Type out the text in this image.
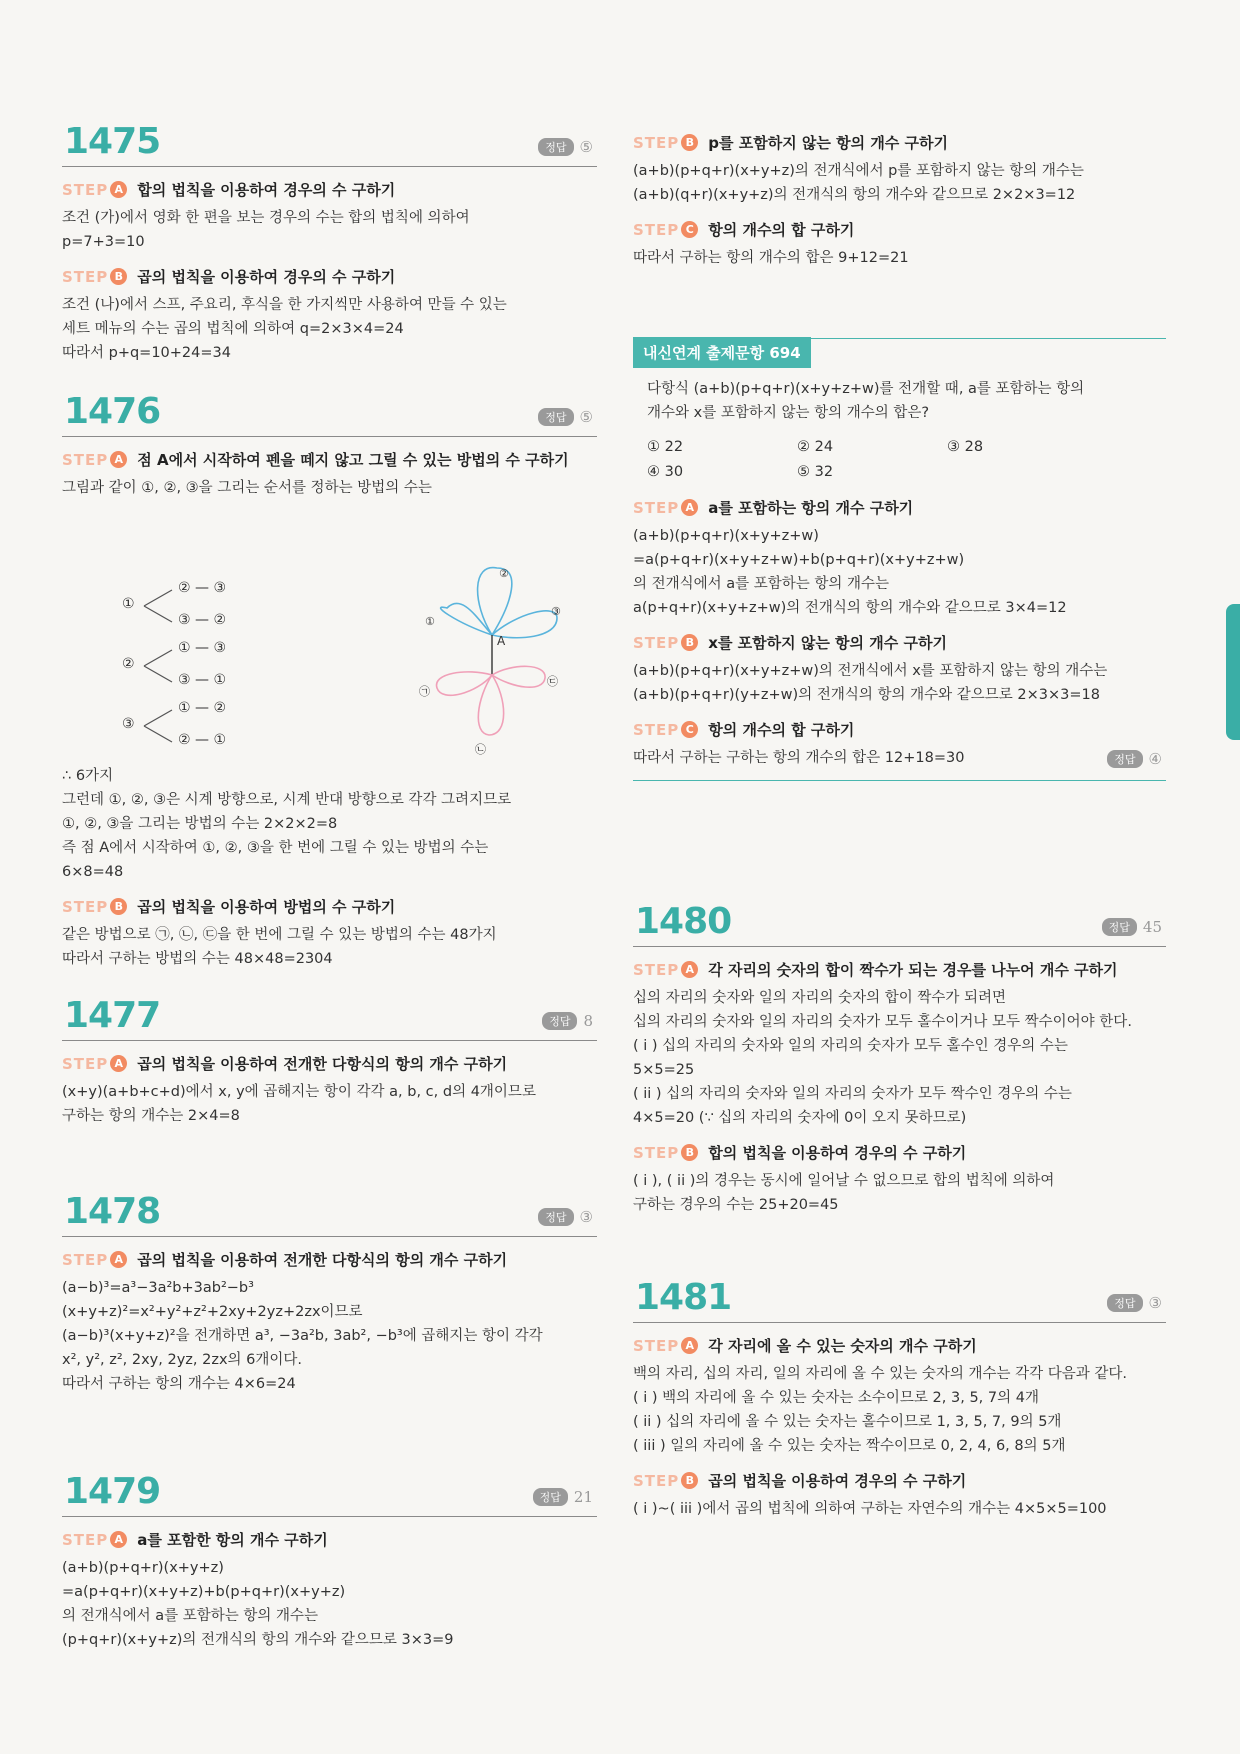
1475	정답 ⑤
STEP A 합의 법칙을 이용하여 경우의 수 구하기
조건 (가)에서 영화 한 편을 보는 경우의 수는 합의 법칙에 의하여
p=7+3=10
STEP B 곱의 법칙을 이용하여 경우의 수 구하기
조건 (나)에서 스프, 주요리, 후식을 한 가지씩만 사용하여 만들 수 있는
세트 메뉴의 수는 곱의 법칙에 의하여 q=2×3×4=24
따라서 p+q=10+24=34
1476	정답 ⑤
STEP A 점 A에서 시작하여 펜을 떼지 않고 그릴 수 있는 방법의 수 구하기
그림과 같이 ①, ②, ③을 그리는 순서를 정하는 방법의 수는
①
②
③
② — ③
③ — ②
① — ③
③ — ①
① — ②
② — ①
A
①
②
③
㉠
㉡
㉢
∴ 6가지
그런데 ①, ②, ③은 시계 방향으로, 시계 반대 방향으로 각각 그려지므로
①, ②, ③을 그리는 방법의 수는 2×2×2=8
즉 점 A에서 시작하여 ①, ②, ③을 한 번에 그릴 수 있는 방법의 수는
6×8=48
STEP B 곱의 법칙을 이용하여 방법의 수 구하기
같은 방법으로 ㉠, ㉡, ㉢을 한 번에 그릴 수 있는 방법의 수는 48가지
따라서 구하는 방법의 수는 48×48=2304
1477	정답 8
STEP A 곱의 법칙을 이용하여 전개한 다항식의 항의 개수 구하기
(x+y)(a+b+c+d)에서 x, y에 곱해지는 항이 각각 a, b, c, d의 4개이므로
구하는 항의 개수는 2×4=8
1478	정답 ③
STEP A 곱의 법칙을 이용하여 전개한 다항식의 항의 개수 구하기
(a−b)³=a³−3a²b+3ab²−b³
(x+y+z)²=x²+y²+z²+2xy+2yz+2zx이므로
(a−b)³(x+y+z)²을 전개하면 a³, −3a²b, 3ab², −b³에 곱해지는 항이 각각
x², y², z², 2xy, 2yz, 2zx의 6개이다.
따라서 구하는 항의 개수는 4×6=24
1479	정답 21
STEP A a를 포함한 항의 개수 구하기
(a+b)(p+q+r)(x+y+z)
=a(p+q+r)(x+y+z)+b(p+q+r)(x+y+z)
의 전개식에서 a를 포함하는 항의 개수는
(p+q+r)(x+y+z)의 전개식의 항의 개수와 같으므로 3×3=9
STEP B p를 포함하지 않는 항의 개수 구하기
(a+b)(p+q+r)(x+y+z)의 전개식에서 p를 포함하지 않는 항의 개수는
(a+b)(q+r)(x+y+z)의 전개식의 항의 개수와 같으므로 2×2×3=12
STEP C 항의 개수의 합 구하기
따라서 구하는 항의 개수의 합은 9+12=21
내신연계 출제문항 694
다항식 (a+b)(p+q+r)(x+y+z+w)를 전개할 때, a를 포함하는 항의
개수와 x를 포함하지 않는 항의 개수의 합은?
① 22	② 24	③ 28
④ 30	⑤ 32
STEP A a를 포함하는 항의 개수 구하기
(a+b)(p+q+r)(x+y+z+w)
=a(p+q+r)(x+y+z+w)+b(p+q+r)(x+y+z+w)
의 전개식에서 a를 포함하는 항의 개수는
a(p+q+r)(x+y+z+w)의 전개식의 항의 개수와 같으므로 3×4=12
STEP B x를 포함하지 않는 항의 개수 구하기
(a+b)(p+q+r)(x+y+z+w)의 전개식에서 x를 포함하지 않는 항의 개수는
(a+b)(p+q+r)(y+z+w)의 전개식의 항의 개수와 같으므로 2×3×3=18
STEP C 항의 개수의 합 구하기
따라서 구하는 구하는 항의 개수의 합은 12+18=30	정답 ④
1480	정답 45
STEP A 각 자리의 숫자의 합이 짝수가 되는 경우를 나누어 개수 구하기
십의 자리의 숫자와 일의 자리의 숫자의 합이 짝수가 되려면
십의 자리의 숫자와 일의 자리의 숫자가 모두 홀수이거나 모두 짝수이어야 한다.
( i ) 십의 자리의 숫자와 일의 자리의 숫자가 모두 홀수인 경우의 수는
5×5=25
( ii ) 십의 자리의 숫자와 일의 자리의 숫자가 모두 짝수인 경우의 수는
4×5=20 (∵ 십의 자리의 숫자에 0이 오지 못하므로)
STEP B 합의 법칙을 이용하여 경우의 수 구하기
( i ), ( ii )의 경우는 동시에 일어날 수 없으므로 합의 법칙에 의하여
구하는 경우의 수는 25+20=45
1481	정답 ③
STEP A 각 자리에 올 수 있는 숫자의 개수 구하기
백의 자리, 십의 자리, 일의 자리에 올 수 있는 숫자의 개수는 각각 다음과 같다.
( i ) 백의 자리에 올 수 있는 숫자는 소수이므로 2, 3, 5, 7의 4개
( ii ) 십의 자리에 올 수 있는 숫자는 홀수이므로 1, 3, 5, 7, 9의 5개
( iii ) 일의 자리에 올 수 있는 숫자는 짝수이므로 0, 2, 4, 6, 8의 5개
STEP B 곱의 법칙을 이용하여 경우의 수 구하기
( i )~( iii )에서 곱의 법칙에 의하여 구하는 자연수의 개수는 4×5×5=100
